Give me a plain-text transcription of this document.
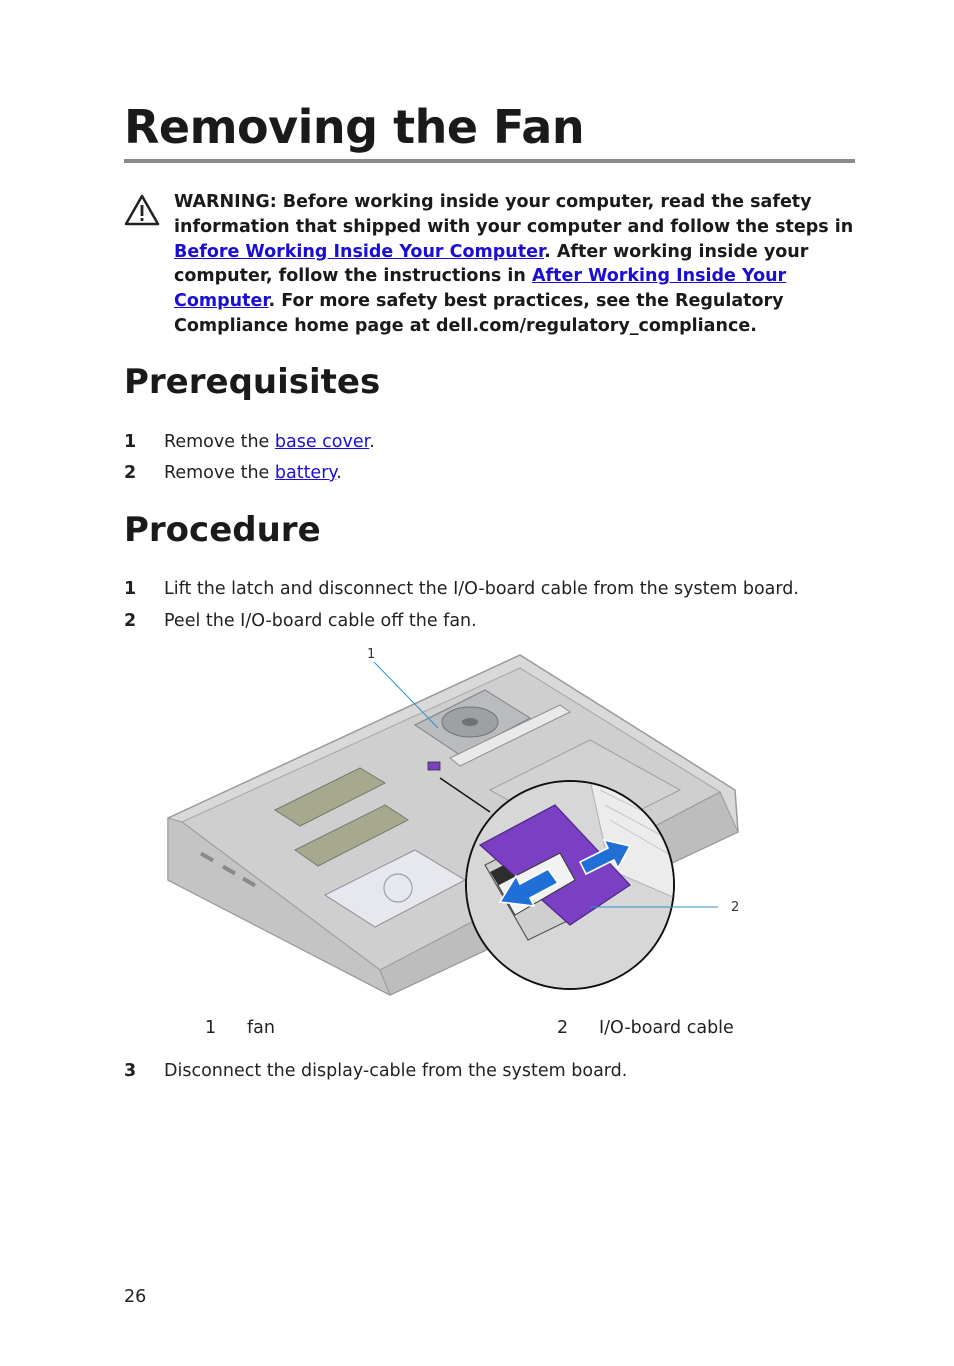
Removing the Fan

WARNING: Before working inside your computer, read the safety information that shipped with your computer and follow the steps in Before Working Inside Your Computer. After working inside your computer, follow the instructions in After Working Inside Your Computer. For more safety best practices, see the Regulatory Compliance home page at dell.com/regulatory_compliance.

Prerequisites
1 Remove the base cover.
2 Remove the battery.
Procedure
1 Lift the latch and disconnect the I/O-board cable from the system board.
2 Peel the I/O-board cable off the fan.
1
2
1 fan	2 I/O-board cable
3 Disconnect the display-cable from the system board.
26
